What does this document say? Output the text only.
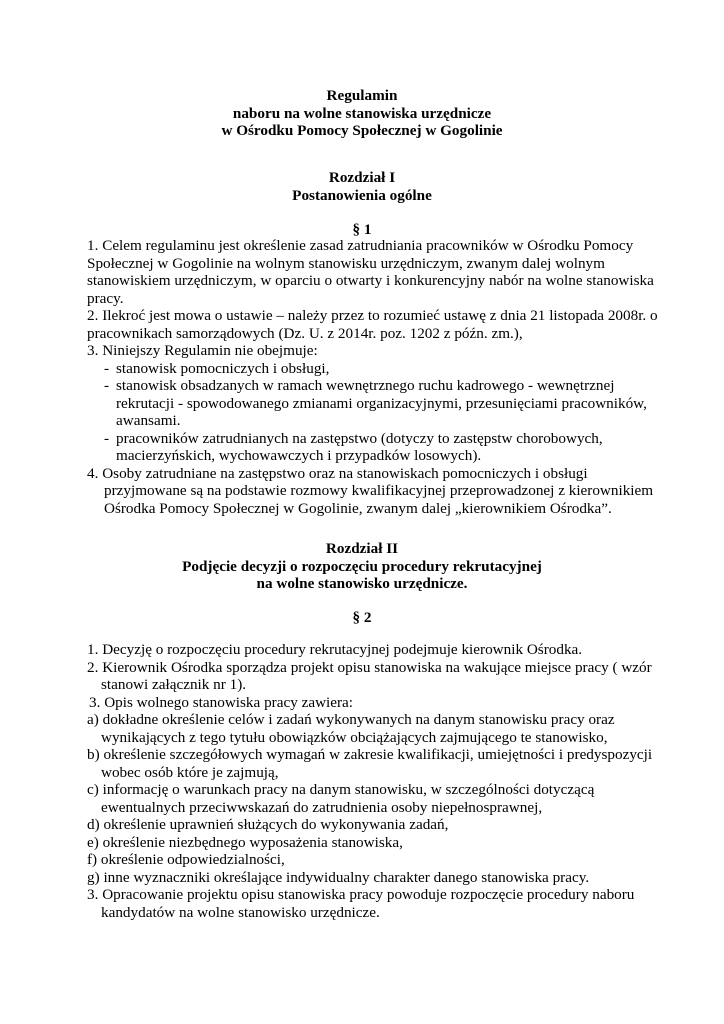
Regulamin
naboru na wolne stanowiska urzędnicze
w Ośrodku Pomocy Społecznej w Gogolinie
Rozdział I
Postanowienia ogólne
§ 1
1. Celem regulaminu jest określenie zasad zatrudniania pracowników w Ośrodku Pomocy
Społecznej w Gogolinie na wolnym stanowisku urzędniczym, zwanym dalej wolnym
stanowiskiem urzędniczym, w oparciu o otwarty i konkurencyjny nabór na wolne stanowiska
pracy.
2. Ilekroć jest mowa o ustawie – należy przez to rozumieć ustawę z dnia 21 listopada 2008r. o
pracownikach samorządowych (Dz. U. z 2014r. poz. 1202 z późn. zm.),
3. Niniejszy Regulamin nie obejmuje:
- stanowisk pomocniczych i obsługi,
- stanowisk obsadzanych w ramach wewnętrznego ruchu kadrowego - wewnętrznej
rekrutacji - spowodowanego zmianami organizacyjnymi, przesunięciami pracowników,
awansami.
- pracowników zatrudnianych na zastępstwo (dotyczy to zastępstw chorobowych,
macierzyńskich, wychowawczych i przypadków losowych).
4. Osoby zatrudniane na zastępstwo oraz na stanowiskach pomocniczych i obsługi
przyjmowane są na podstawie rozmowy kwalifikacyjnej przeprowadzonej z kierownikiem
Ośrodka Pomocy Społecznej w Gogolinie, zwanym dalej „kierownikiem Ośrodka”.
Rozdział II
Podjęcie decyzji o rozpoczęciu procedury rekrutacyjnej
na wolne stanowisko urzędnicze.
§ 2
1. Decyzję o rozpoczęciu procedury rekrutacyjnej podejmuje kierownik Ośrodka.
2. Kierownik Ośrodka sporządza projekt opisu stanowiska na wakujące miejsce pracy ( wzór
stanowi załącznik nr 1).
3. Opis wolnego stanowiska pracy zawiera:
a) dokładne określenie celów i zadań wykonywanych na danym stanowisku pracy oraz
wynikających z tego tytułu obowiązków obciążających zajmującego te stanowisko,
b) określenie szczegółowych wymagań w zakresie kwalifikacji, umiejętności i predyspozycji
wobec osób które je zajmują,
c) informację o warunkach pracy na danym stanowisku, w szczególności dotyczącą
ewentualnych przeciwwskazań do zatrudnienia osoby niepełnosprawnej,
d) określenie uprawnień służących do wykonywania zadań,
e) określenie niezbędnego wyposażenia stanowiska,
f) określenie odpowiedzialności,
g) inne wyznaczniki określające indywidualny charakter danego stanowiska pracy.
3. Opracowanie projektu opisu stanowiska pracy powoduje rozpoczęcie procedury naboru
kandydatów na wolne stanowisko urzędnicze.
